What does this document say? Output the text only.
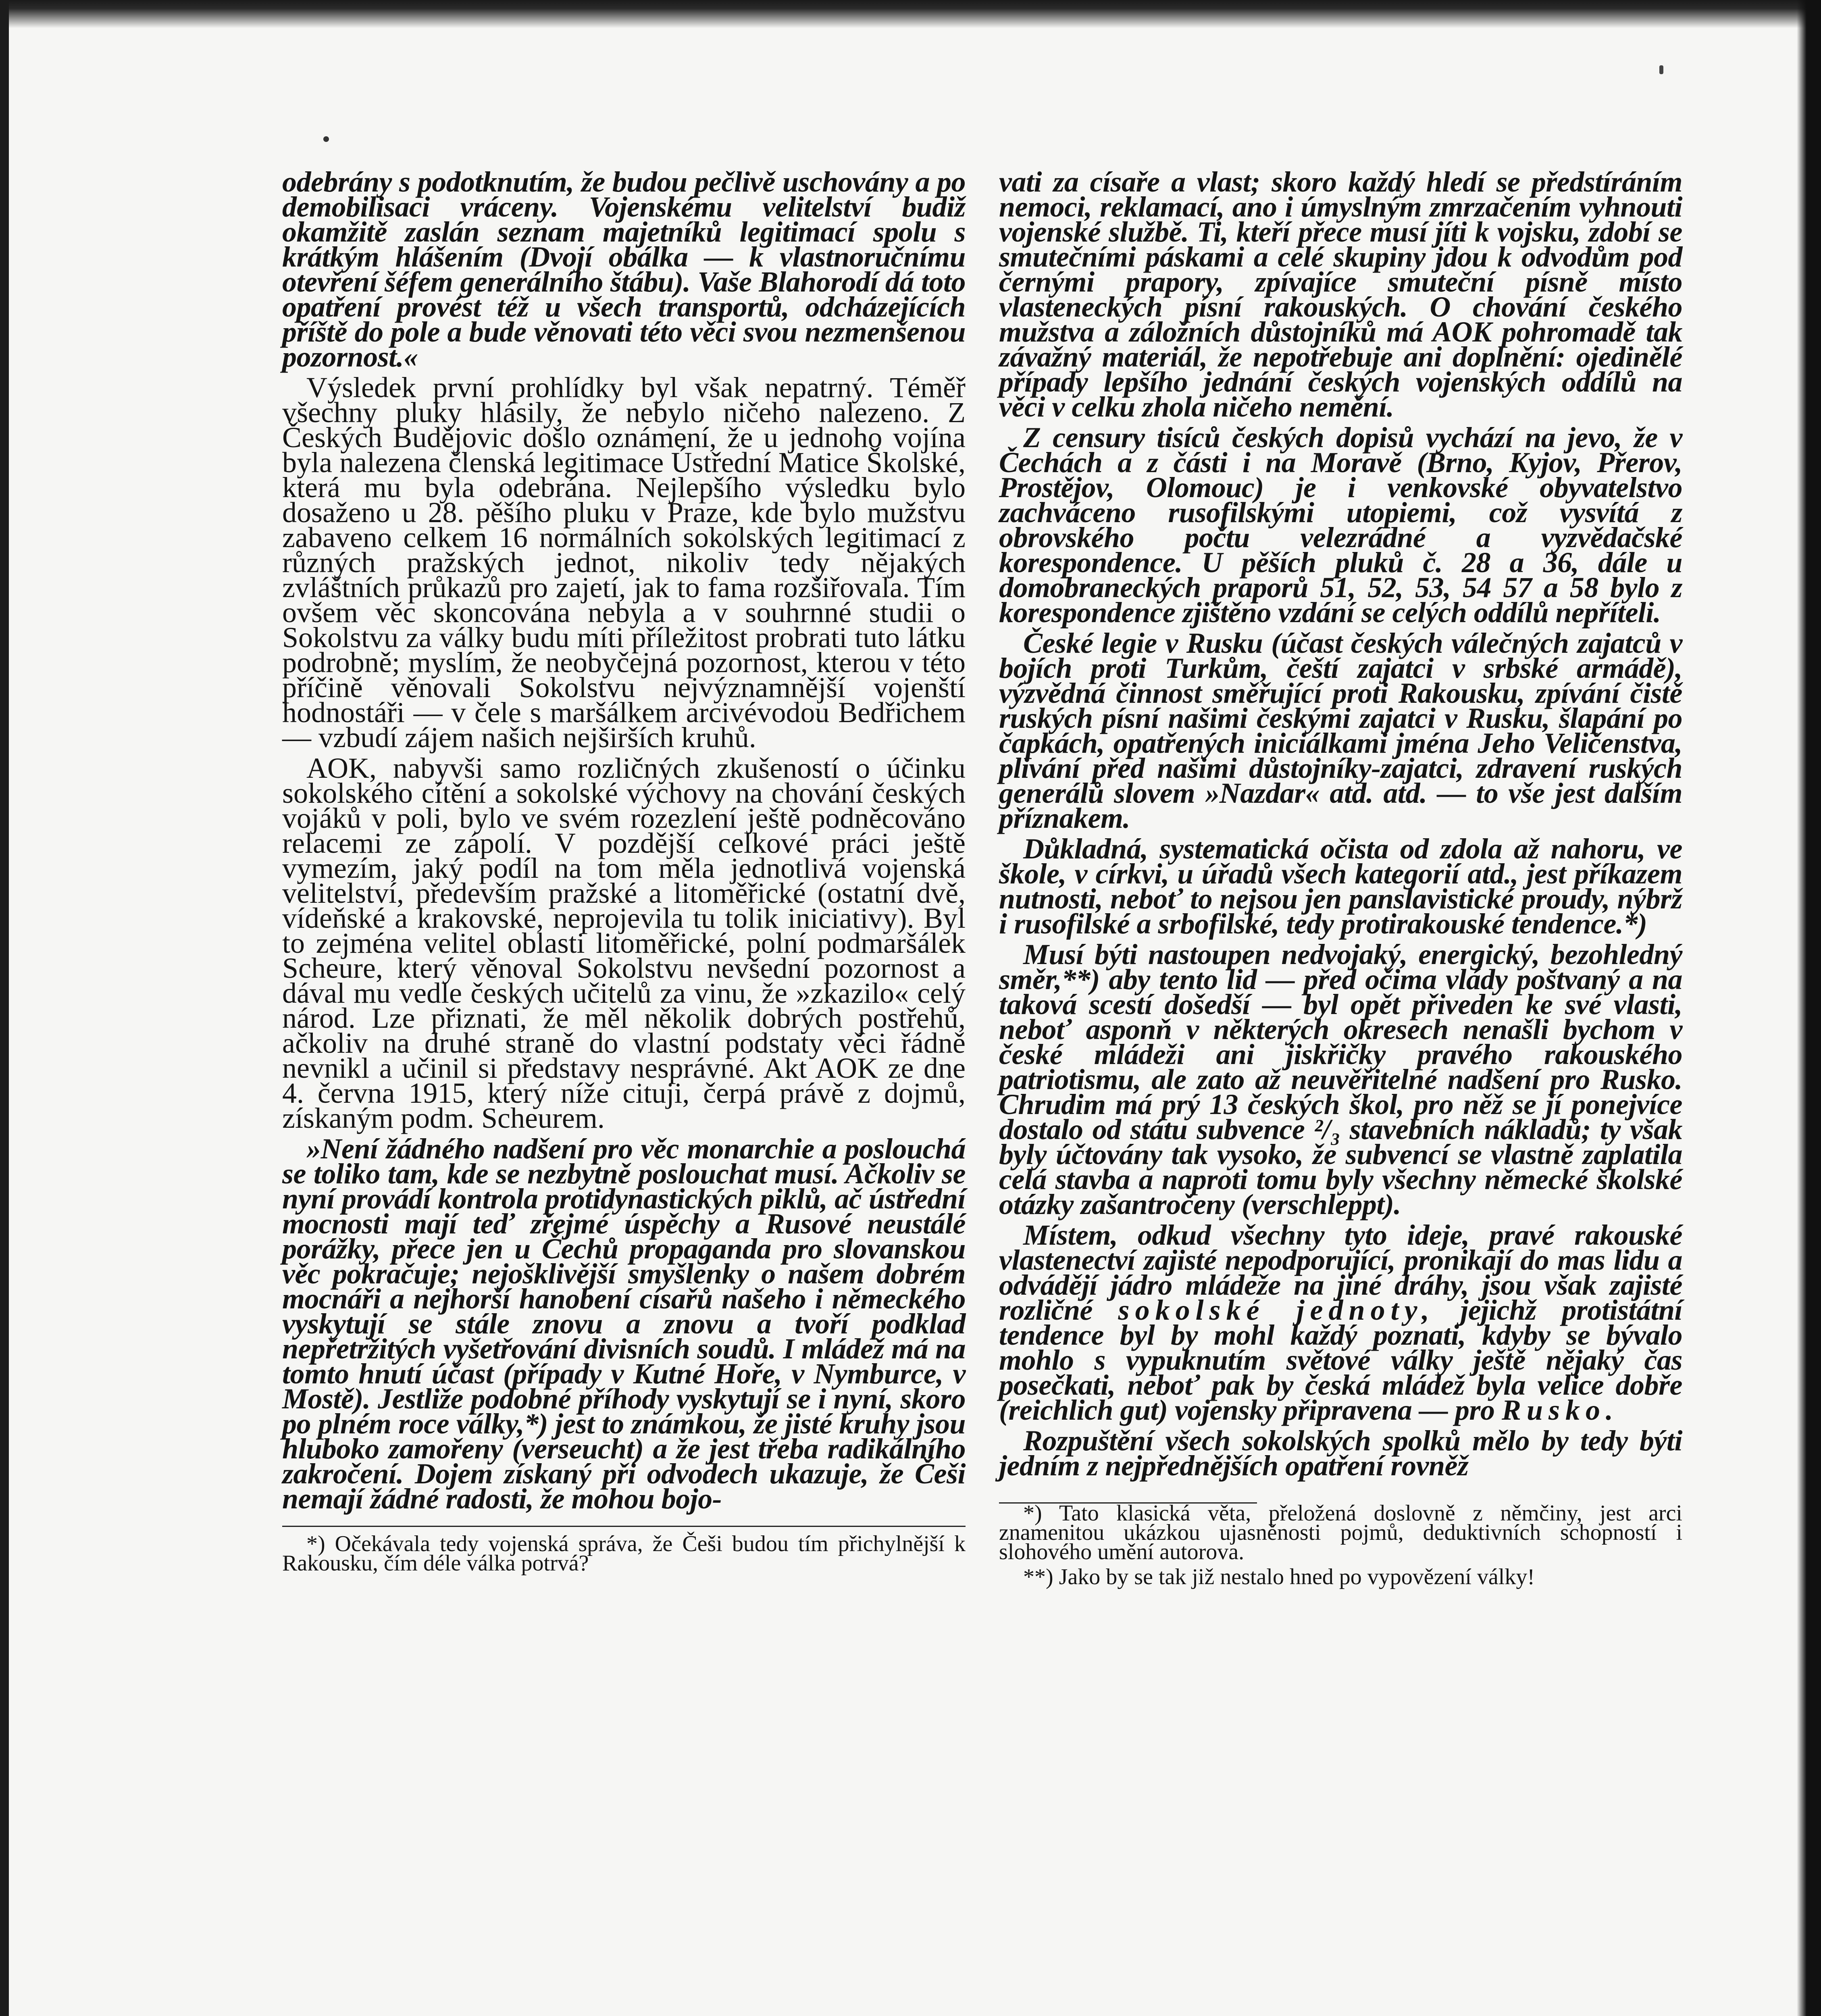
odebrány s podotknutím, že budou pečlivě uschovány a po demobilisaci vráceny. Vojenskému velitelství budiž okamžitě zaslán seznam majetníků legitimací spolu s krátkým hlášením (Dvojí obálka — k vlastnoručnímu otevření šéfem generálního štábu). Vaše Blahorodí dá toto opatření provést též u všech transportů, odcházejících příště do pole a bude věnovati této věci svou nezmenšenou pozornost.«

Výsledek první prohlídky byl však nepatrný. Téměř všechny pluky hlásily, že nebylo ničeho nalezeno. Z Českých Budějovic došlo oznámení, že u jednoho vojína byla nalezena členská legitimace Ústřední Matice Školské, která mu byla odebrána. Nejlepšího výsledku bylo dosaženo u 28. pěšího pluku v Praze, kde bylo mužstvu zabaveno celkem 16 normálních sokolských legitimací z různých pražských jednot, nikoliv tedy nějakých zvláštních průkazů pro zajetí, jak to fama rozšiřovala. Tím ovšem věc skoncována nebyla a v souhrnné studii o Sokolstvu za války budu míti příležitost probrati tuto látku podrobně; myslím, že neobyčejná pozornost, kterou v této příčině věnovali Sokolstvu nejvýznamnější vojenští hodnostáři — v čele s maršálkem arcivévodou Bedřichem — vzbudí zájem našich nejširších kruhů.

AOK, nabyvši samo rozličných zkušeností o účinku sokolského cítění a sokolské výchovy na chování českých vojáků v poli, bylo ve svém rozezlení ještě podněcováno relacemi ze zápolí. V pozdější celkové práci ještě vymezím, jaký podíl na tom měla jednotlivá vojenská velitelství, především pražské a litoměřické (ostatní dvě, vídeňské a krakovské, neprojevila tu tolik iniciativy). Byl to zejména velitel oblasti litoměřické, polní podmaršálek Scheure, který věnoval Sokolstvu nevšední pozornost a dával mu vedle českých učitelů za vinu, že »zkazilo« celý národ. Lze přiznati, že měl několik dobrých postřehů, ačkoliv na druhé straně do vlastní podstaty věci řádně nevnikl a učinil si představy nesprávné. Akt AOK ze dne 4. června 1915, který níže cituji, čerpá právě z dojmů, získaným podm. Scheurem.

»Není žádného nadšení pro věc monarchie a poslouchá se toliko tam, kde se nezbytně poslouchat musí. Ačkoliv se nyní provádí kontrola protidynastických piklů, ač ústřední mocnosti mají teď zřejmé úspěchy a Rusové neustálé porážky, přece jen u Čechů propaganda pro slovanskou věc pokračuje; nejošklivější smyšlenky o našem dobrém mocnáři a nejhorší hanobení císařů našeho i německého vyskytují se stále znovu a znovu a tvoří podklad nepřetržitých vyšetřování divisních soudů. I mládež má na tomto hnutí účast (případy v Kutné Hoře, v Nymburce, v Mostě). Jestliže podobné příhody vyskytují se i nyní, skoro po plném roce války,*) jest to známkou, že jisté kruhy jsou hluboko zamořeny (verseucht) a že jest třeba radikálního zakročení. Dojem získaný při odvodech ukazuje, že Češi nemají žádné radosti, že mohou bojo-

*) Očekávala tedy vojenská správa, že Češi budou tím přichylnější k Rakousku, čím déle válka potrvá?

vati za císaře a vlast; skoro každý hledí se předstíráním nemoci, reklamací, ano i úmyslným zmrzačením vyhnouti vojenské službě. Ti, kteří přece musí jíti k vojsku, zdobí se smutečními páskami a celé skupiny jdou k odvodům pod černými prapory, zpívajíce smuteční písně místo vlasteneckých písní rakouských. O chování českého mužstva a záložních důstojníků má AOK pohromadě tak závažný materiál, že nepotřebuje ani doplnění: ojedinělé případy lepšího jednání českých vojenských oddílů na věci v celku zhola ničeho nemění.

Z censury tisíců českých dopisů vychází na jevo, že v Čechách a z části i na Moravě (Brno, Kyjov, Přerov, Prostějov, Olomouc) je i venkovské obyvatelstvo zachváceno rusofilskými utopiemi, což vysvítá z obrovského počtu velezrádné a vyzvědačské korespondence. U pěších pluků č. 28 a 36, dále u domobraneckých praporů 51, 52, 53, 54 57 a 58 bylo z korespondence zjištěno vzdání se celých oddílů nepříteli.

České legie v Rusku (účast českých válečných zajatců v bojích proti Turkům, čeští zajatci v srbské armádě), výzvědná činnost směřující proti Rakousku, zpívání čistě ruských písní našimi českými zajatci v Rusku, šlapání po čapkách, opatřených iniciálkami jména Jeho Veličenstva, plivání před našimi důstojníky-zajatci, zdravení ruských generálů slovem »Nazdar« atd. atd. — to vše jest dalším příznakem.

Důkladná, systematická očista od zdola až nahoru, ve škole, v církvi, u úřadů všech kategorií atd., jest příkazem nutnosti, neboť to nejsou jen panslavistické proudy, nýbrž i rusofilské a srbofilské, tedy protirakouské tendence.*)

Musí býti nastoupen nedvojaký, energický, bezohledný směr,**) aby tento lid — před očima vlády poštvaný a na taková scestí došedší — byl opět přiveden ke své vlasti, neboť asponň v některých okresech nenašli bychom v české mládeži ani jiskřičky pravého rakouského patriotismu, ale zato až neuvěřitelné nadšení pro Rusko. Chrudim má prý 13 českých škol, pro něž se jí ponejvíce dostalo od státu subvence ²/₃ stavebních nákladů; ty však byly účtovány tak vysoko, že subvencí se vlastně zaplatila celá stavba a naproti tomu byly všechny německé školské otázky zašantročeny (verschleppt).

Místem, odkud všechny tyto ideje, pravé rakouské vlastenectví zajisté nepodporující, pronikají do mas lidu a odvádějí jádro mládeže na jiné dráhy, jsou však zajisté rozličné sokolské jednoty, jejichž protistátní tendence byl by mohl každý poznati, kdyby se bývalo mohlo s vypuknutím světové války ještě nějaký čas posečkati, neboť pak by česká mládež byla velice dobře (reichlich gut) vojensky připravena — pro Rusko.

Rozpuštění všech sokolských spolků mělo by tedy býti jedním z nejpřednějších opatření rovněž

*) Tato klasická věta, přeložená doslovně z němčiny, jest arci znamenitou ukázkou ujasněnosti pojmů, deduktivních schopností i slohového umění autorova.

**) Jako by se tak již nestalo hned po vypovězení války!
